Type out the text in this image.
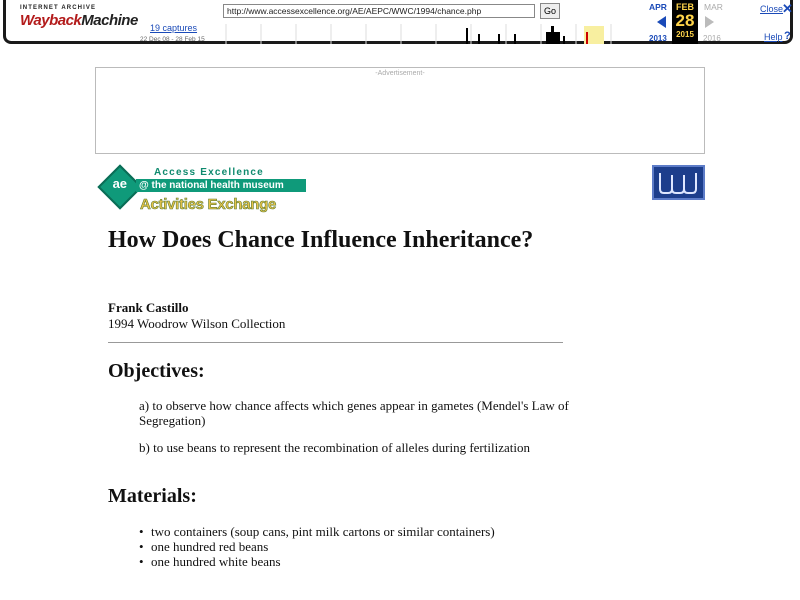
INTERNET ARCHIVE
WaybackMachine 19 captures
22 Dec 08 - 28 Feb 15
http://www.accessexcellence.org/AE/AEPC/WWC/1994/chance.php
Go	APR
2013
FEB
28
2015
MAR
2016
Close
✕
Help ?
-Advertisement-
ae
Access Excellence
@ the national health museum
Activities Exchange
How Does Chance Influence Inheritance?
Frank Castillo
1994 Woodrow Wilson Collection
Objectives:
a) to observe how chance affects which genes appear in gametes (Mendel's Law of Segregation)
b) to use beans to represent the recombination of alleles during fertilization
Materials:
• two containers (soup cans, pint milk cartons or similar containers)
• one hundred red beans
• one hundred white beans
